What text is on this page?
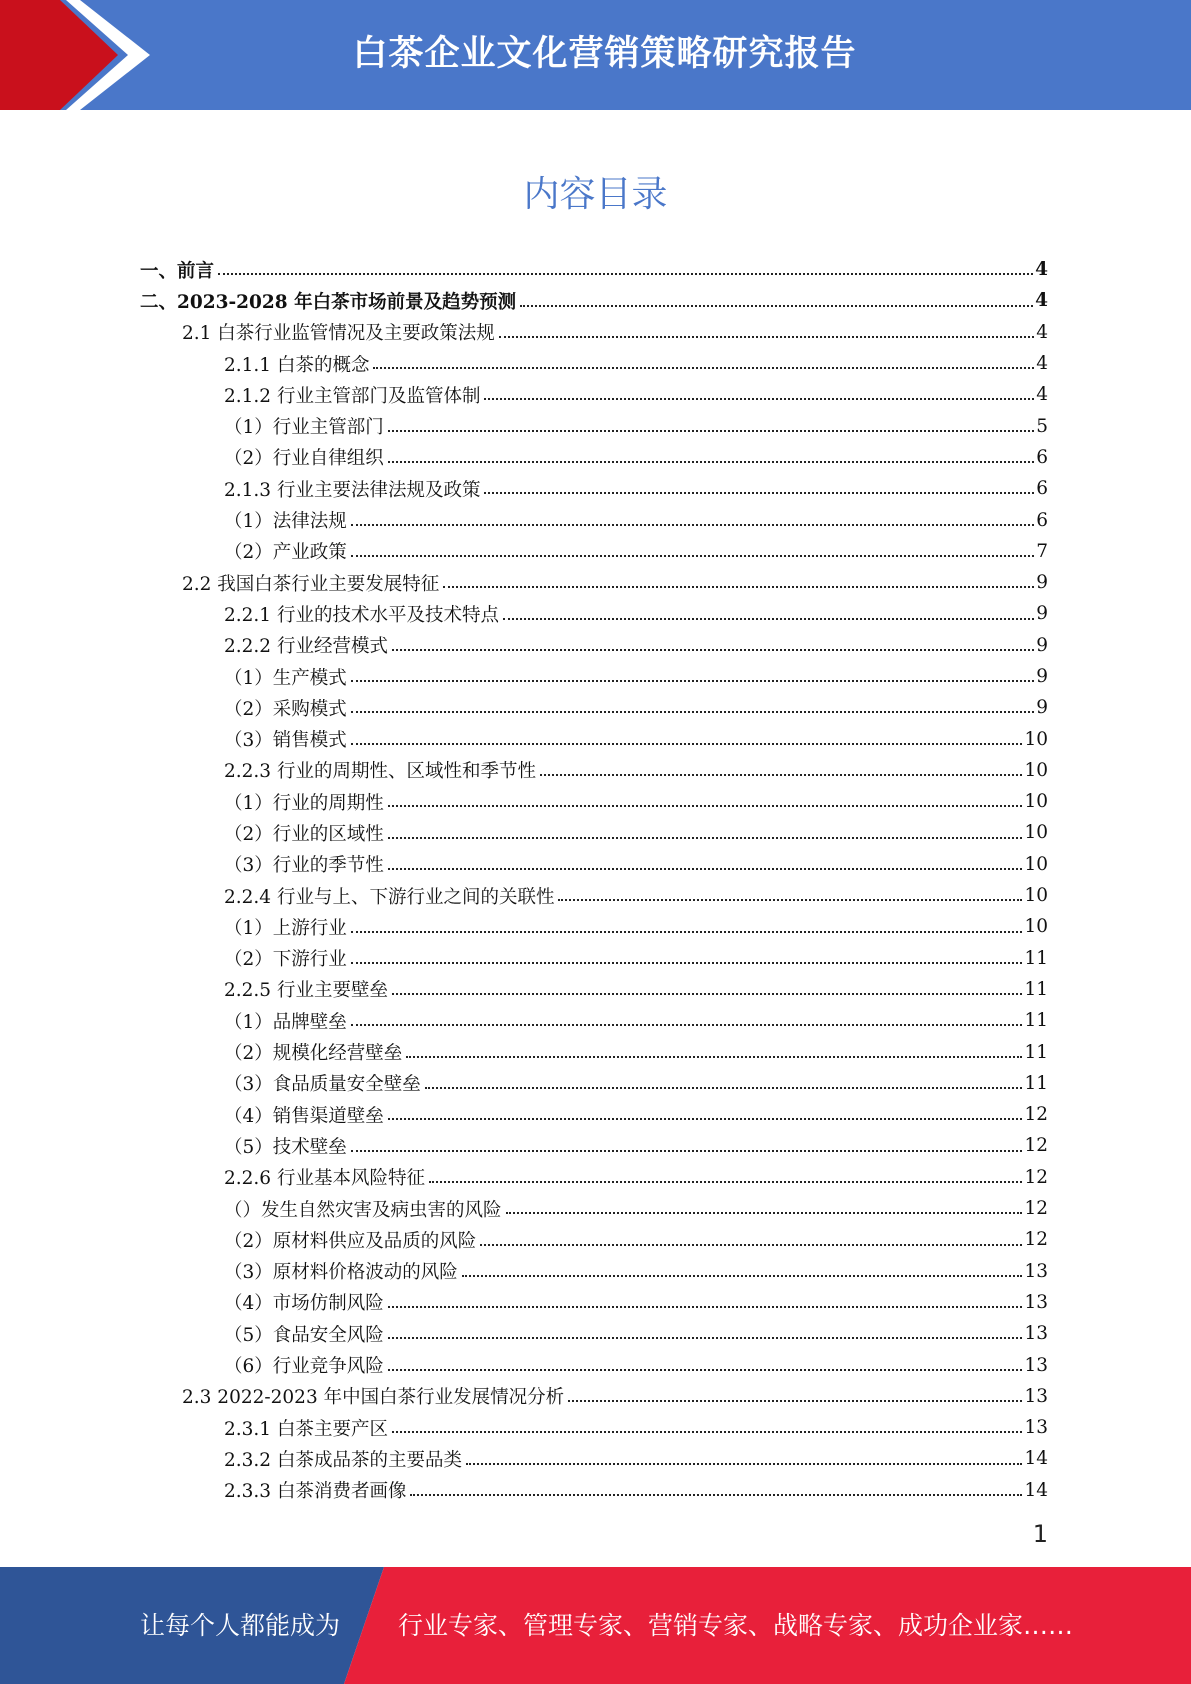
白茶企业文化营销策略研究报告
内容目录
一、前言	4
二、2023-2028 年白茶市场前景及趋势预测	4
2.1 白茶行业监管情况及主要政策法规	4
2.1.1 白茶的概念	4
2.1.2 行业主管部门及监管体制	4
（1）行业主管部门	5
（2）行业自律组织	6
2.1.3 行业主要法律法规及政策	6
（1）法律法规	6
（2）产业政策	7
2.2 我国白茶行业主要发展特征	9
2.2.1 行业的技术水平及技术特点	9
2.2.2 行业经营模式	9
（1）生产模式	9
（2）采购模式	9
（3）销售模式	10
2.2.3 行业的周期性、区域性和季节性	10
（1）行业的周期性	10
（2）行业的区域性	10
（3）行业的季节性	10
2.2.4 行业与上、下游行业之间的关联性	10
（1）上游行业	10
（2）下游行业	11
2.2.5 行业主要壁垒	11
（1）品牌壁垒	11
（2）规模化经营壁垒	11
（3）食品质量安全壁垒	11
（4）销售渠道壁垒	12
（5）技术壁垒	12
2.2.6 行业基本风险特征	12
（）发生自然灾害及病虫害的风险	12
（2）原材料供应及品质的风险	12
（3）原材料价格波动的风险	13
（4）市场仿制风险	13
（5）食品安全风险	13
（6）行业竞争风险	13
2.3 2022-2023 年中国白茶行业发展情况分析	13
2.3.1 白茶主要产区	13
2.3.2 白茶成品茶的主要品类	14
2.3.3 白茶消费者画像	14
1
让每个人都能成为 行业专家、管理专家、营销专家、战略专家、成功企业家……
